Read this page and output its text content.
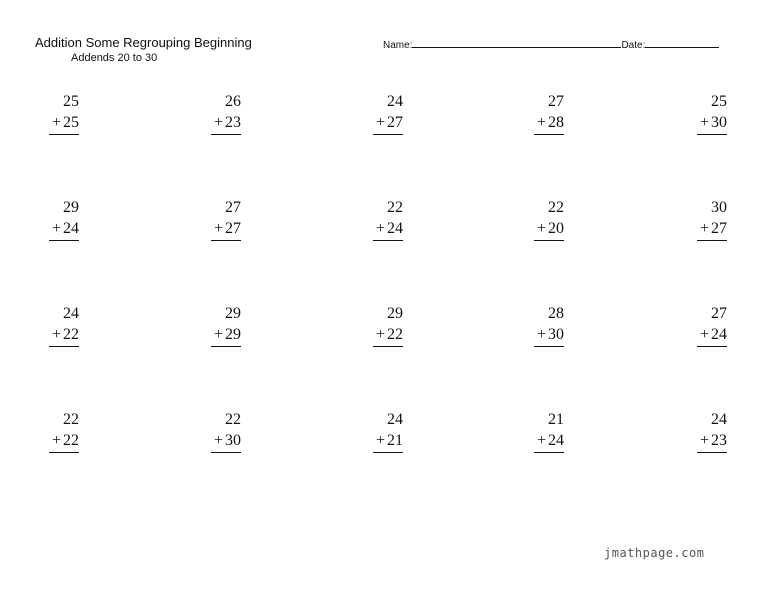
Addition Some Regrouping Beginning
Addends 20 to 30
Name:	Date:
25
+ 25
26
+ 23
24
+ 27
27
+ 28
25
+ 30
29
+ 24
27
+ 27
22
+ 24
22
+ 20
30
+ 27
24
+ 22
29
+ 29
29
+ 22
28
+ 30
27
+ 24
22
+ 22
22
+ 30
24
+ 21
21
+ 24
24
+ 23
jmathpage.com
